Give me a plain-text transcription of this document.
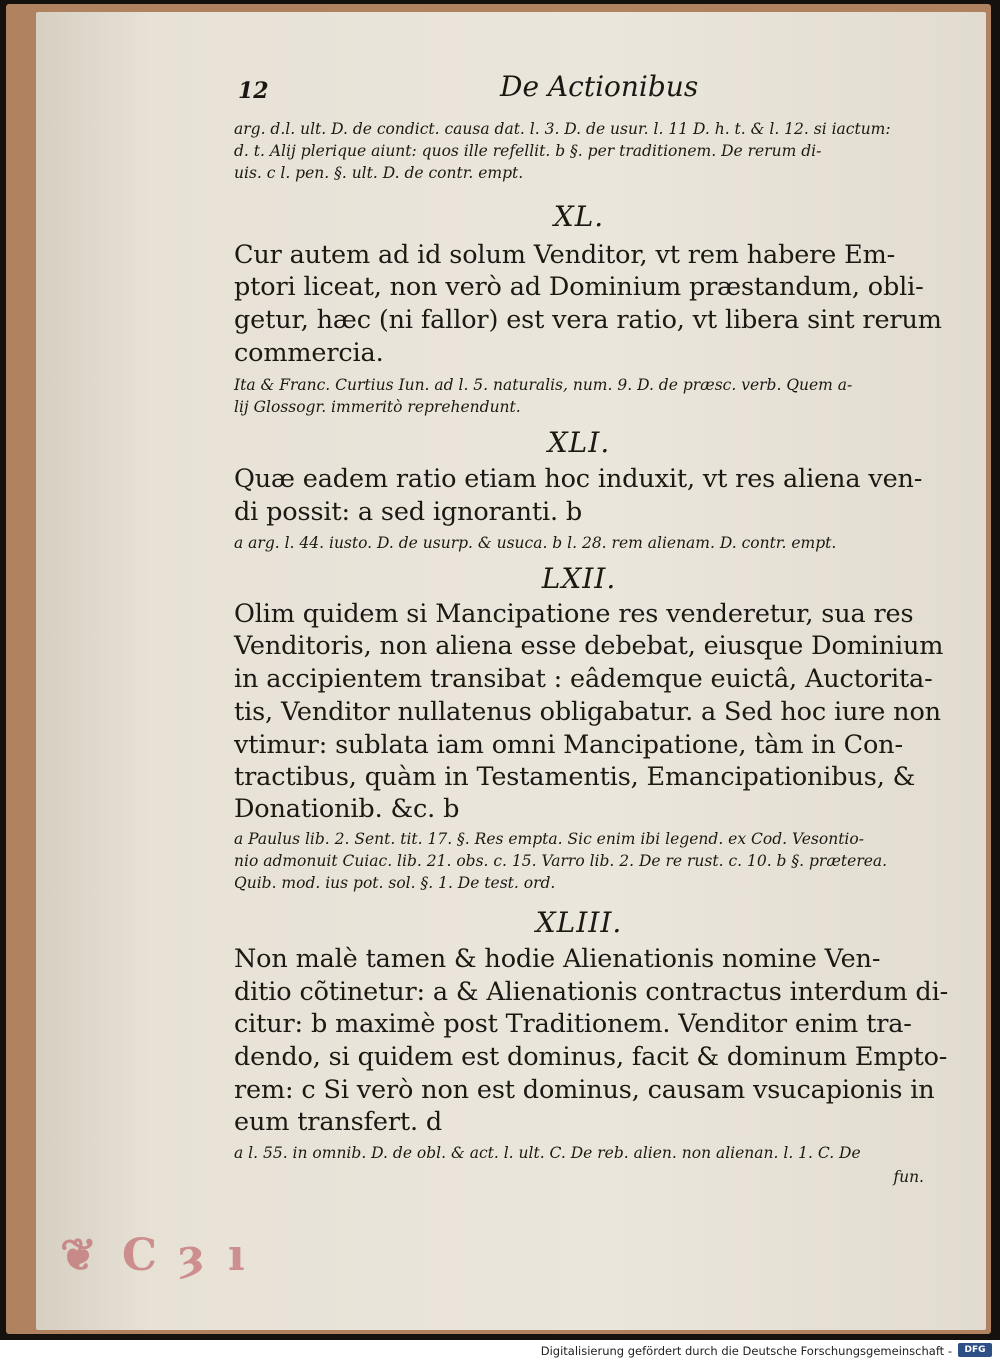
12	De Actionibus
arg. d.l. ult. D. de condict. causa dat. l. 3. D. de usur. l. 11 D. h. t. & l. 12. si iactum:
d. t. Alij plerique aiunt: quos ille refellit. b §. per traditionem. De rerum di-
uis. c l. pen. §. ult. D. de contr. empt.
XL.
Cur autem ad id solum Venditor, vt rem habere Em-
ptori liceat, non verò ad Dominium præstandum, obli-
getur, hæc (ni fallor) est vera ratio, vt libera sint rerum
commercia.
Ita & Franc. Curtius Iun. ad l. 5. naturalis, num. 9. D. de præsc. verb. Quem a-
lij Glossogr. immeritò reprehendunt.
XLI.
Quæ eadem ratio etiam hoc induxit, vt res aliena ven-
di possit: a sed ignoranti. b
a arg. l. 44. iusto. D. de usurp. & usuca. b l. 28. rem alienam. D. contr. empt.
LXII.
Olim quidem si Mancipatione res venderetur, sua res
Venditoris, non aliena esse debebat, eiusque Dominium
in accipientem transibat : eâdemque euictâ, Auctorita-
tis, Venditor nullatenus obligabatur. a Sed hoc iure non
vtimur: sublata iam omni Mancipatione, tàm in Con-
tractibus, quàm in Testamentis, Emancipationibus, &
Donationib. &c. b
a Paulus lib. 2. Sent. tit. 17. §. Res empta. Sic enim ibi legend. ex Cod. Vesontio-
nio admonuit Cuiac. lib. 21. obs. c. 15. Varro lib. 2. De re rust. c. 10. b §. præterea.
Quib. mod. ius pot. sol. §. 1. De test. ord.
XLIII.
Non malè tamen & hodie Alienationis nomine Ven-
ditio cõtinetur: a & Alienationis contractus interdum di-
citur: b maximè post Traditionem. Venditor enim tra-
dendo, si quidem est dominus, facit & dominum Empto-
rem: c Si verò non est dominus, causam vsucapionis in
eum transfert. d
a l. 55. in omnib. D. de obl. & act. l. ult. C. De reb. alien. non alienan. l. 1. C. De
fun.
❦ C ȝ ı
Digitalisierung gefördert durch die Deutsche Forschungsgemeinschaft -	DFG
